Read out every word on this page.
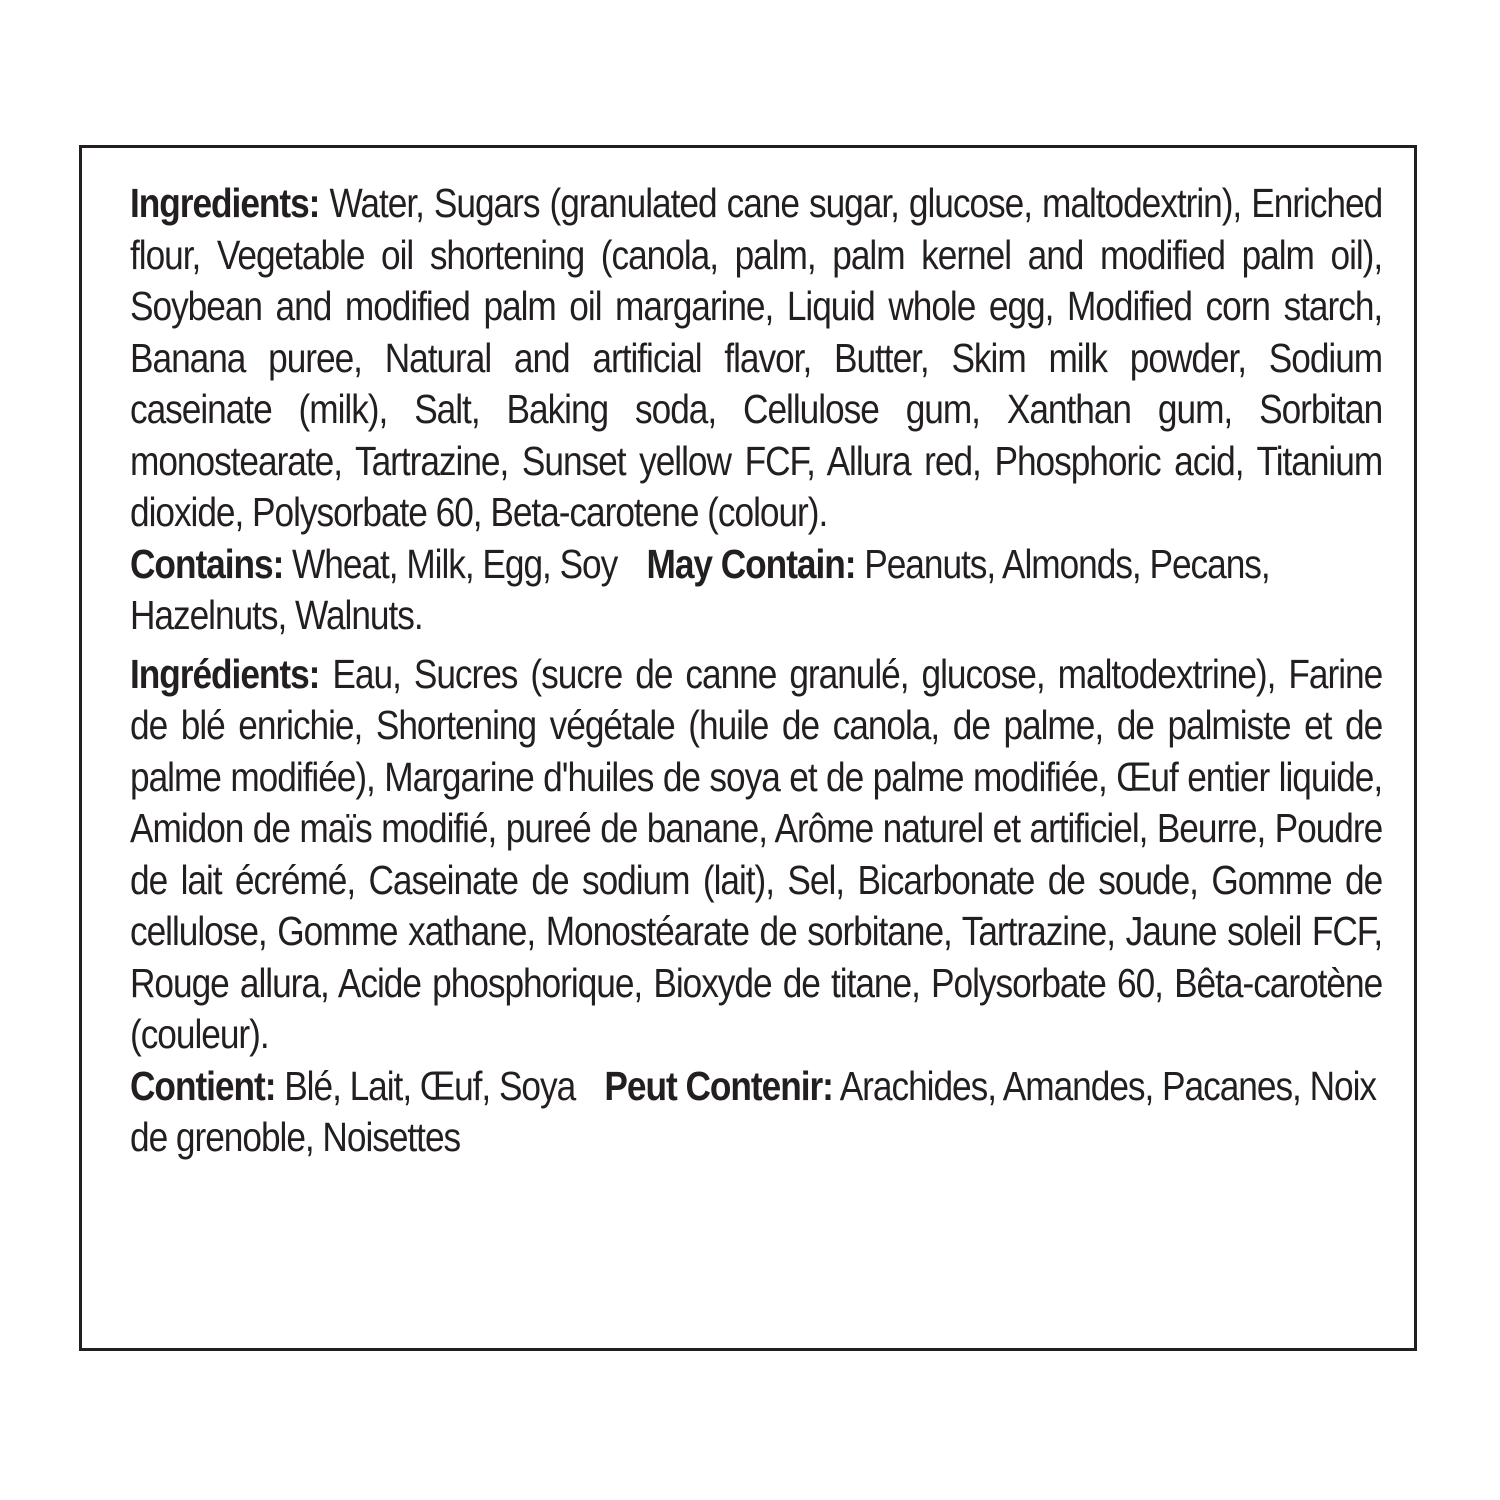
Ingredients: Water, Sugars (granulated cane sugar, glucose, maltodextrin), Enriched flour, Vegetable oil shortening (canola, palm, palm kernel and modified palm oil), Soybean and modified palm oil margarine, Liquid whole egg, Modified corn starch, Banana puree, Natural and artificial flavor, Butter, Skim milk powder, Sodium caseinate (milk), Salt, Baking soda, Cellulose gum, Xanthan gum, Sorbitan monostearate, Tartrazine, Sunset yellow FCF, Allura red, Phosphoric acid, Titanium dioxide, Polysorbate 60, Beta-carotene (colour).

Contains: Wheat, Milk, Egg, Soy May Contain: Peanuts, Almonds, Pecans, Hazelnuts, Walnuts.

Ingrédients: Eau, Sucres (sucre de canne granulé, glucose, maltodextrine), Farine de blé enrichie, Shortening végétale (huile de canola, de palme, de palmiste et de palme modifiée), Margarine d'huiles de soya et de palme modifiée, Œuf entier liquide, Amidon de maïs modifié, pureé de banane, Arôme naturel et artificiel, Beurre, Poudre de lait écrémé, Caseinate de sodium (lait), Sel, Bicarbonate de soude, Gomme de cellulose, Gomme xathane, Monostéarate de sorbitane, Tartrazine, Jaune soleil FCF, Rouge allura, Acide phosphorique, Bioxyde de titane, Polysorbate 60, Bêta-carotène (couleur).

Contient: Blé, Lait, Œuf, Soya Peut Contenir: Arachides, Amandes, Pacanes, Noix de grenoble, Noisettes
